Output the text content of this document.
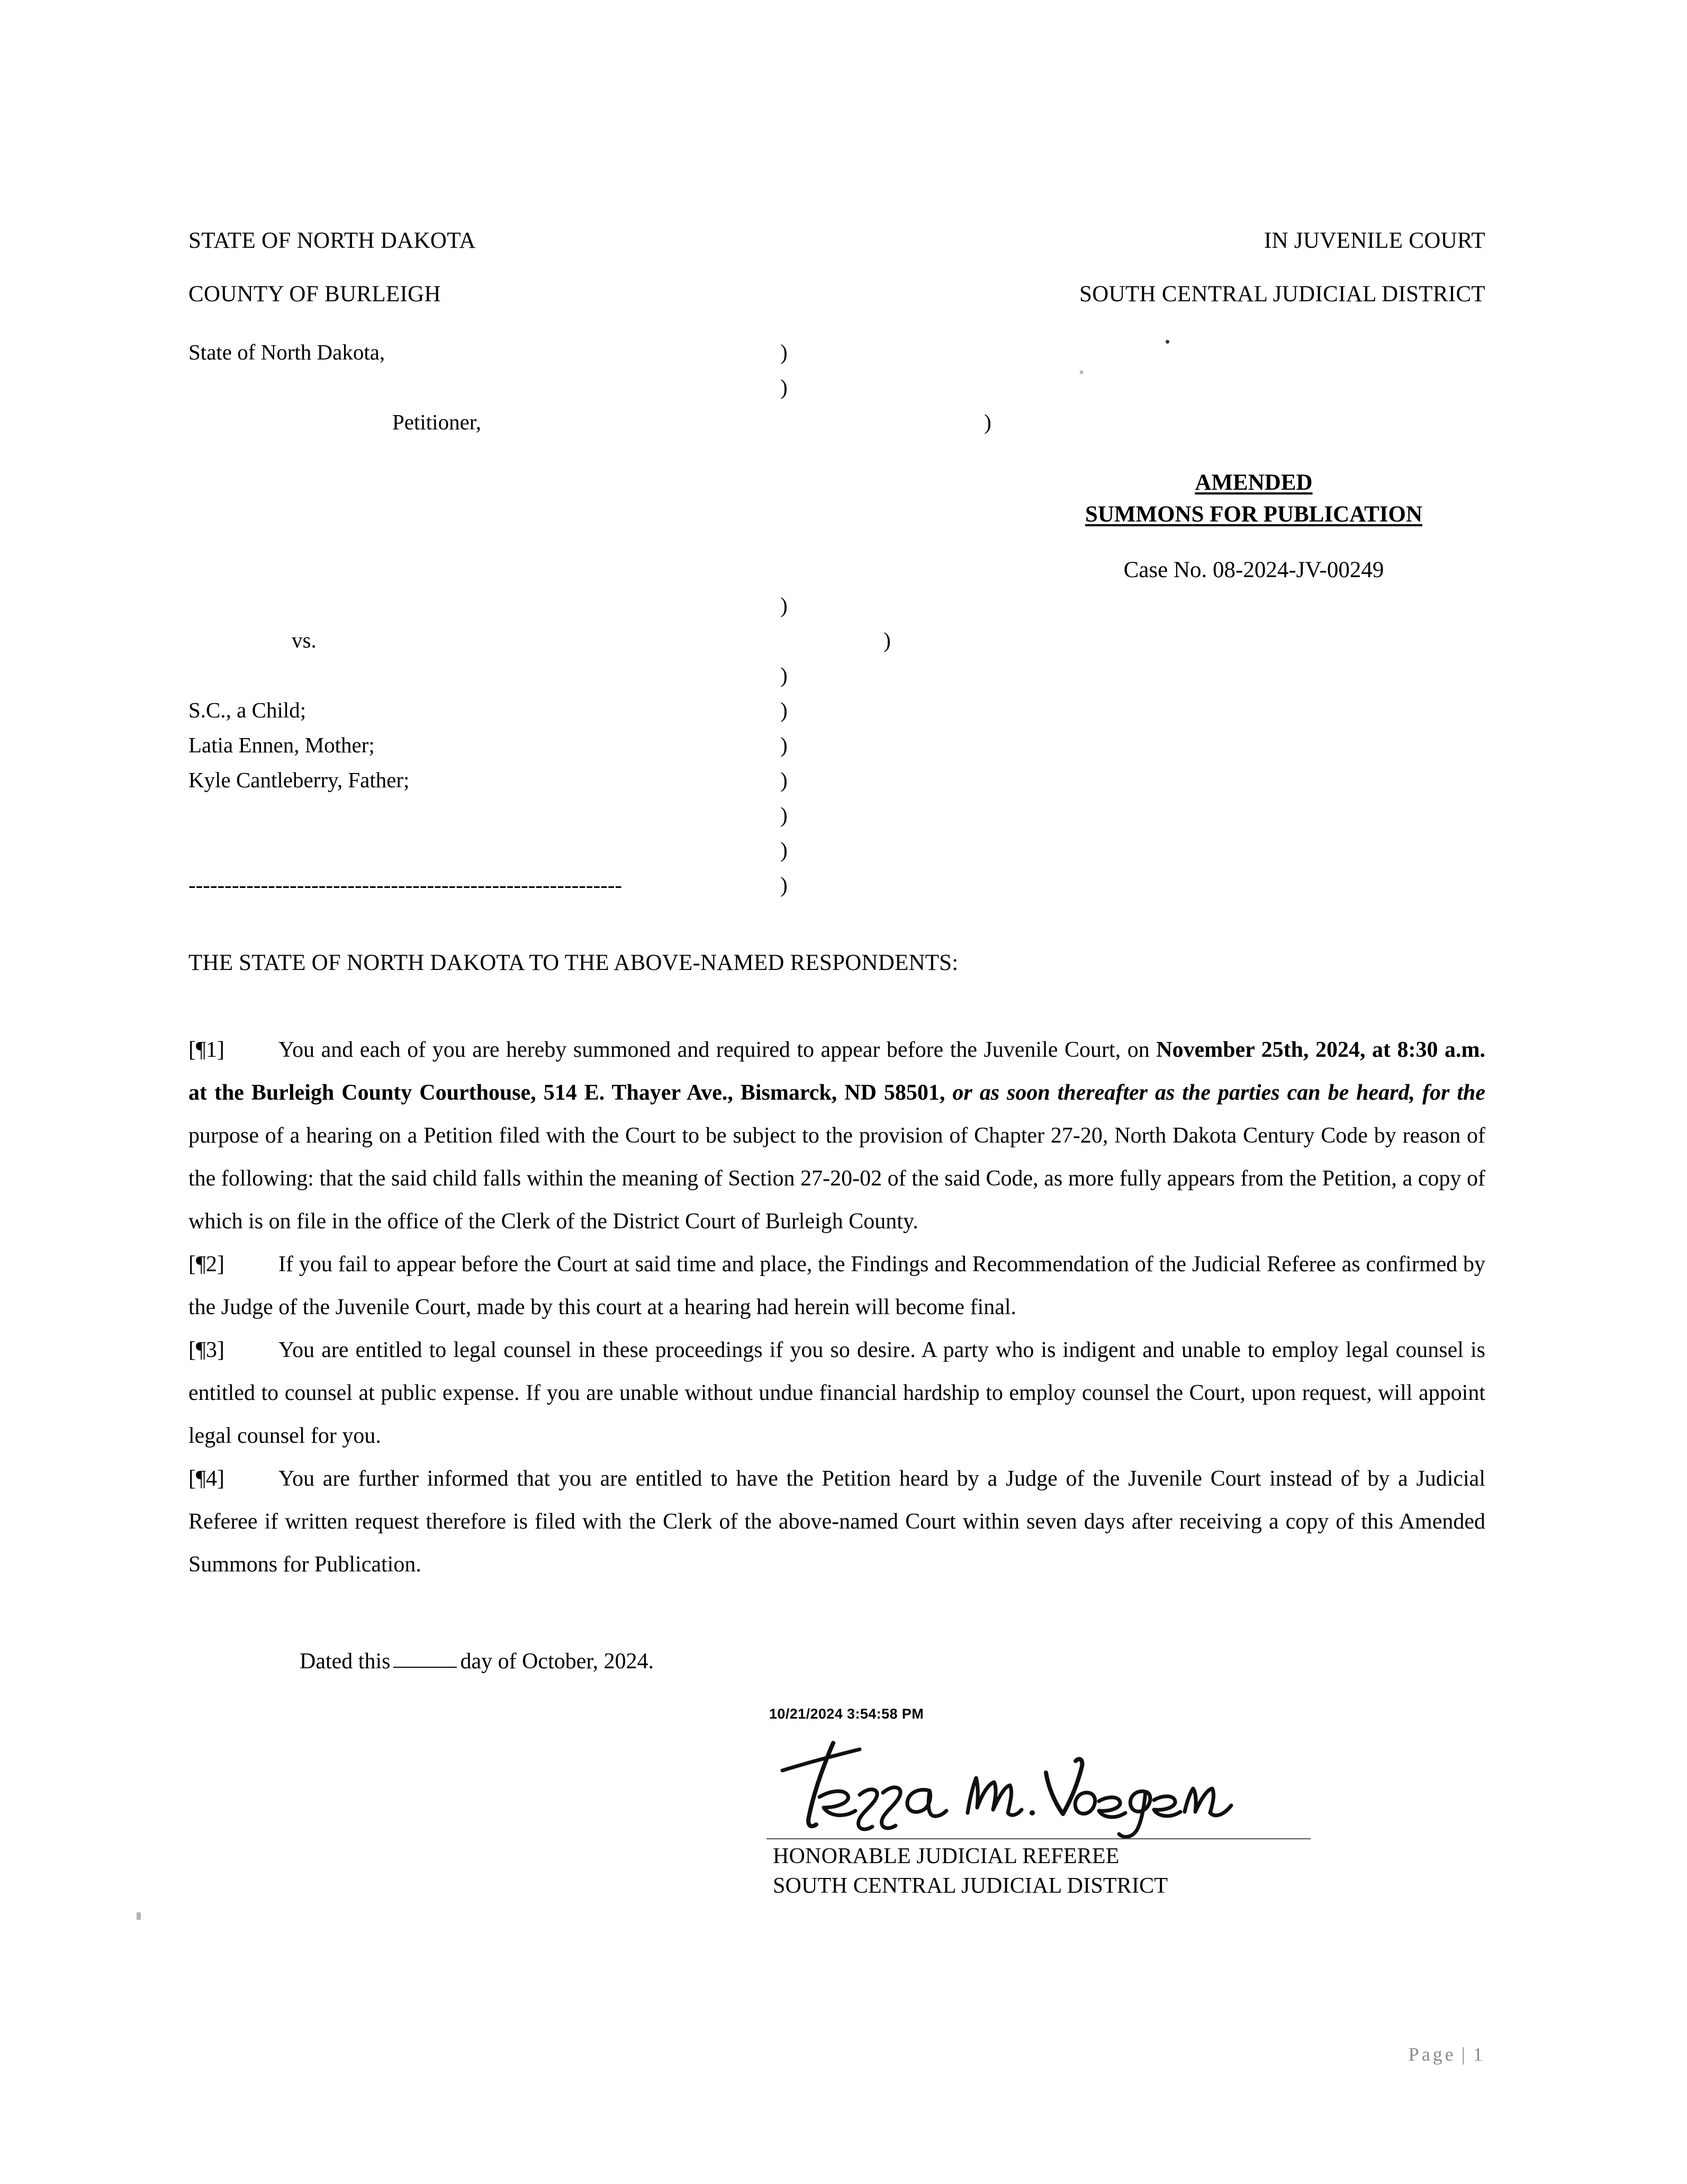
STATE OF NORTH DAKOTA	IN JUVENILE COURT
COUNTY OF BURLEIGH	SOUTH CENTRAL JUDICIAL DISTRICT
State of North Dakota,	)
)
Petitioner,	)
AMENDED
SUMMONS FOR PUBLICATION
Case No. 08-2024-JV-00249
)
vs.	)
)
S.C., a Child;	)
Latia Ennen, Mother;	)
Kyle Cantleberry, Father;	)
)
)
------------------------------------------------------------	)
THE STATE OF NORTH DAKOTA TO THE ABOVE-NAMED RESPONDENTS:

[¶1] You and each of you are hereby summoned and required to appear before the Juvenile Court, on November 25th, 2024, at 8:30 a.m. at the Burleigh County Courthouse, 514 E. Thayer Ave., Bismarck, ND 58501, or as soon thereafter as the parties can be heard, for the purpose of a hearing on a Petition filed with the Court to be subject to the provision of Chapter 27-20, North Dakota Century Code by reason of the following: that the said child falls within the meaning of Section 27-20-02 of the said Code, as more fully appears from the Petition, a copy of which is on file in the office of the Clerk of the District Court of Burleigh County.

[¶2] If you fail to appear before the Court at said time and place, the Findings and Recommendation of the Judicial Referee as confirmed by the Judge of the Juvenile Court, made by this court at a hearing had herein will become final.

[¶3] You are entitled to legal counsel in these proceedings if you so desire. A party who is indigent and unable to employ legal counsel is entitled to counsel at public expense. If you are unable without undue financial hardship to employ counsel the Court, upon request, will appoint legal counsel for you.

[¶4] You are further informed that you are entitled to have the Petition heard by a Judge of the Juvenile Court instead of by a Judicial Referee if written request therefore is filed with the Clerk of the above-named Court within seven days after receiving a copy of this Amended Summons for Publication.

Dated this	day of October, 2024.
10/21/2024 3:54:58 PM
HONORABLE JUDICIAL REFEREE
SOUTH CENTRAL JUDICIAL DISTRICT
Page | 1
